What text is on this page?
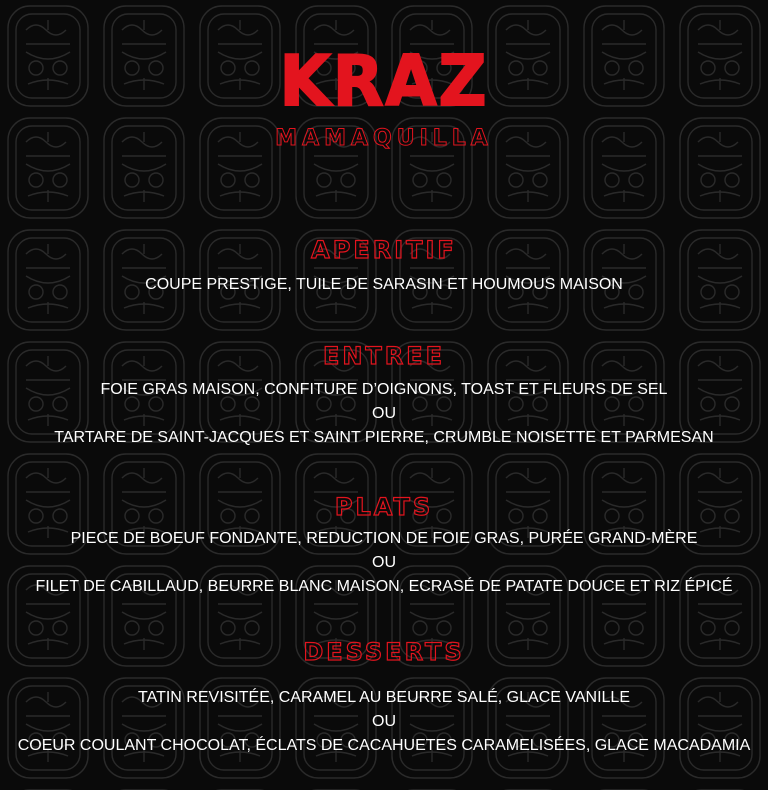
KRAZ
MAMAQUILLA
APERITIF
COUPE PRESTIGE, TUILE DE SARASIN ET HOUMOUS MAISON
ENTREE
FOIE GRAS MAISON, CONFITURE D’OIGNONS, TOAST ET FLEURS DE SEL
OU
TARTARE DE SAINT-JACQUES ET SAINT PIERRE, CRUMBLE NOISETTE ET PARMESAN
PLATS
PIECE DE BOEUF FONDANTE, REDUCTION DE FOIE GRAS, PURÉE GRAND-MÈRE
OU
FILET DE CABILLAUD, BEURRE BLANC MAISON, ECRASÉ DE PATATE DOUCE ET RIZ ÉPICÉ
DESSERTS
TATIN REVISITÉE, CARAMEL AU BEURRE SALÉ, GLACE VANILLE
OU
COEUR COULANT CHOCOLAT, ÉCLATS DE CACAHUETES CARAMELISÉES, GLACE MACADAMIA
